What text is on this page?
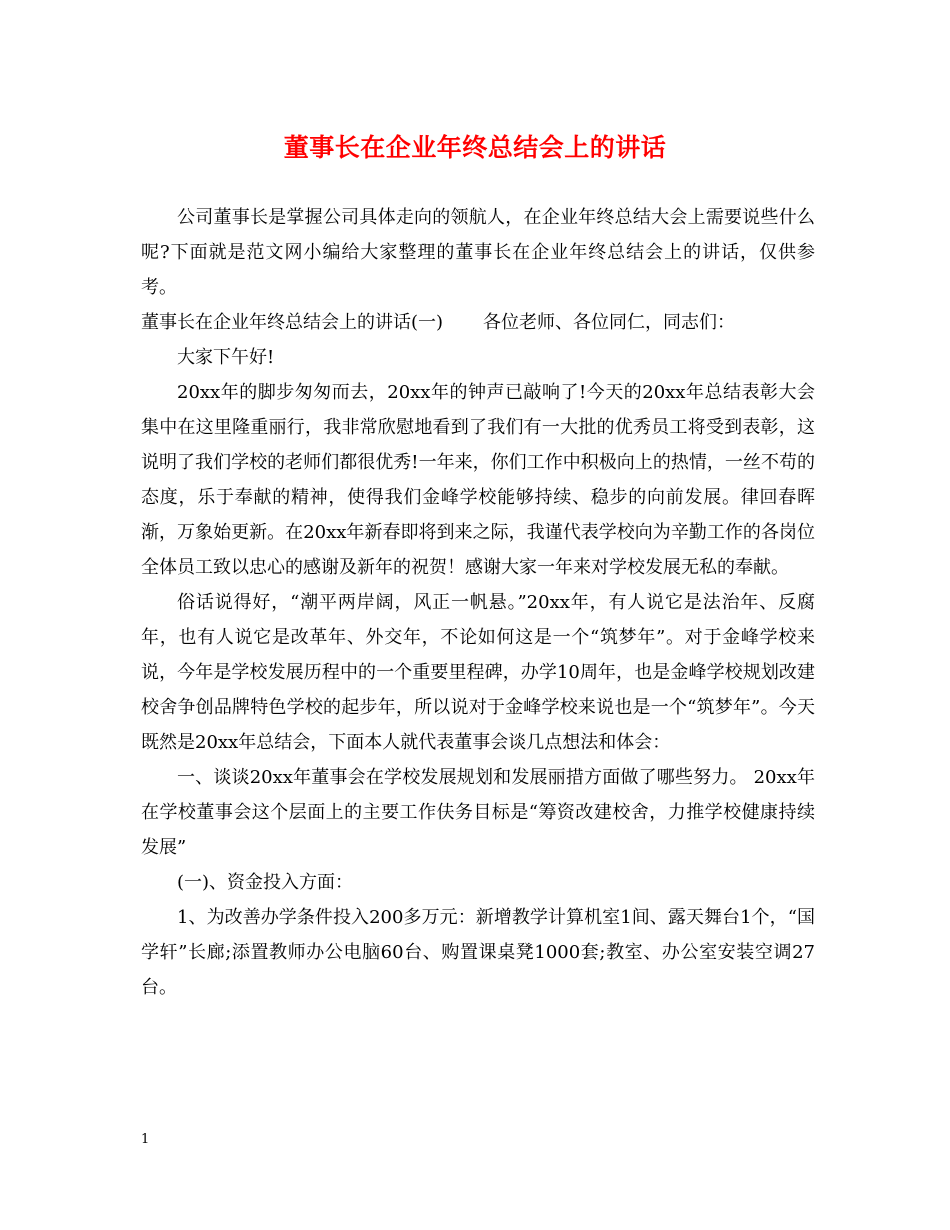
董事长在企业年终总结会上的讲话

公司董事长是掌握公司具体走向的领航人，在企业年终总结大会上需要说些什么呢?下面就是范文网小编给大家整理的董事长在企业年终总结会上的讲话，仅供参考。

董事长在企业年终总结会上的讲话(一) 各位老师、各位同仁，同志们：

大家下午好!

20xx年的脚步匆匆而去，20xx年的钟声已敲响了!今天的20xx年总结表彰大会集中在这里隆重丽行，我非常欣慰地看到了我们有一大批的优秀员工将受到表彰，这说明了我们学校的老师们都很优秀!一年来，你们工作中积极向上的热情，一丝不苟的态度，乐于奉献的精神，使得我们金峰学校能够持续、稳步的向前发展。律回春晖渐，万象始更新。在20xx年新春即将到来之际，我谨代表学校向为辛勤工作的各岗位全体员工致以忠心的感谢及新年的祝贺！感谢大家一年来对学校发展无私的奉献。

俗话说得好，“潮平两岸阔，风正一帆悬。”20xx年，有人说它是法治年、反腐年，也有人说它是改革年、外交年，不论如何这是一个“筑梦年”。对于金峰学校来说，今年是学校发展历程中的一个重要里程碑，办学10周年，也是金峰学校规划改建校舍争创品牌特色学校的起步年，所以说对于金峰学校来说也是一个“筑梦年”。今天既然是20xx年总结会，下面本人就代表董事会谈几点想法和体会：

一、谈谈20xx年董事会在学校发展规划和发展丽措方面做了哪些努力。 20xx年在学校董事会这个层面上的主要工作伕务目标是“筹资改建校舍，力推学校健康持续发展”

(一)、资金投入方面：

1、为改善办学条件投入200多万元：新增教学计算机室1间、露天舞台1个，“国学轩”长廊;添置教师办公电脑60台、购置课桌凳1000套;教室、办公室安装空调27台。

1
